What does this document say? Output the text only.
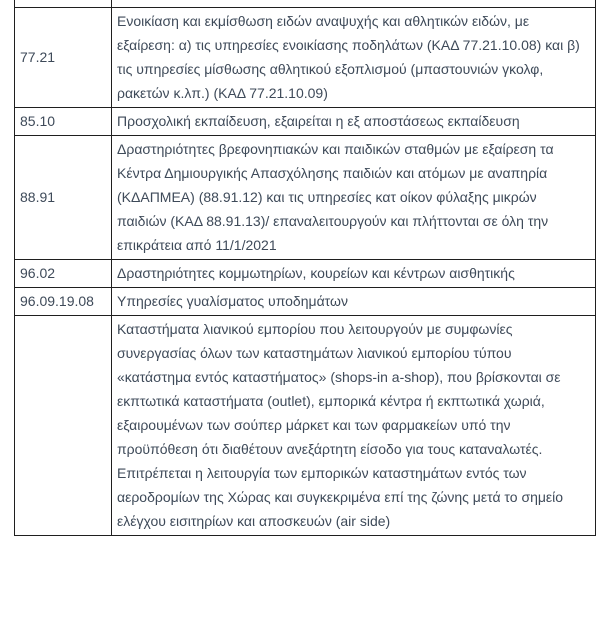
77.21	Ενοικίαση και εκμίσθωση ειδών αναψυχής και αθλητικών ειδών, με εξαίρεση: α) τις υπηρεσίες ενοικίασης ποδηλάτων (ΚΑΔ 77.21.10.08) και β) τις υπηρεσίες μίσθωσης αθλητικού εξοπλισμού (μπαστουνιών γκολφ, ρακετών κ.λπ.) (ΚΑΔ 77.21.10.09)
85.10	Προσχολική εκπαίδευση, εξαιρείται η εξ αποστάσεως εκπαίδευση
88.91	Δραστηριότητες βρεφονηπιακών και παιδικών σταθμών με εξαίρεση τα Κέντρα Δημιουργικής Απασχόλησης παιδιών και ατόμων με αναπηρία (ΚΔΑΠΜΕΑ) (88.91.12) και τις υπηρεσίες κατ οίκον φύλαξης μικρών παιδιών (ΚΑΔ 88.91.13)/ επαναλειτουργούν και πλήττονται σε όλη την επικράτεια από 11/1/2021
96.02	Δραστηριότητες κομμωτηρίων, κουρείων και κέντρων αισθητικής
96.09.19.08	Υπηρεσίες γυαλίσματος υποδημάτων
	Καταστήματα λιανικού εμπορίου που λειτουργούν με συμφωνίες συνεργασίας όλων των καταστημάτων λιανικού εμπορίου τύπου «κατάστημα εντός καταστήματος» (shops-in a-shop), που βρίσκονται σε εκπτωτικά καταστήματα (outlet), εμπορικά κέντρα ή εκπτωτικά χωριά, εξαιρουμένων των σούπερ μάρκετ και των φαρμακείων υπό την προϋπόθεση ότι διαθέτουν ανεξάρτητη είσοδο για τους καταναλωτές. Επιτρέπεται η λειτουργία των εμπορικών καταστημάτων εντός των αεροδρομίων της Χώρας και συγκεκριμένα επί της ζώνης μετά το σημείο ελέγχου εισιτηρίων και αποσκευών (air side)
